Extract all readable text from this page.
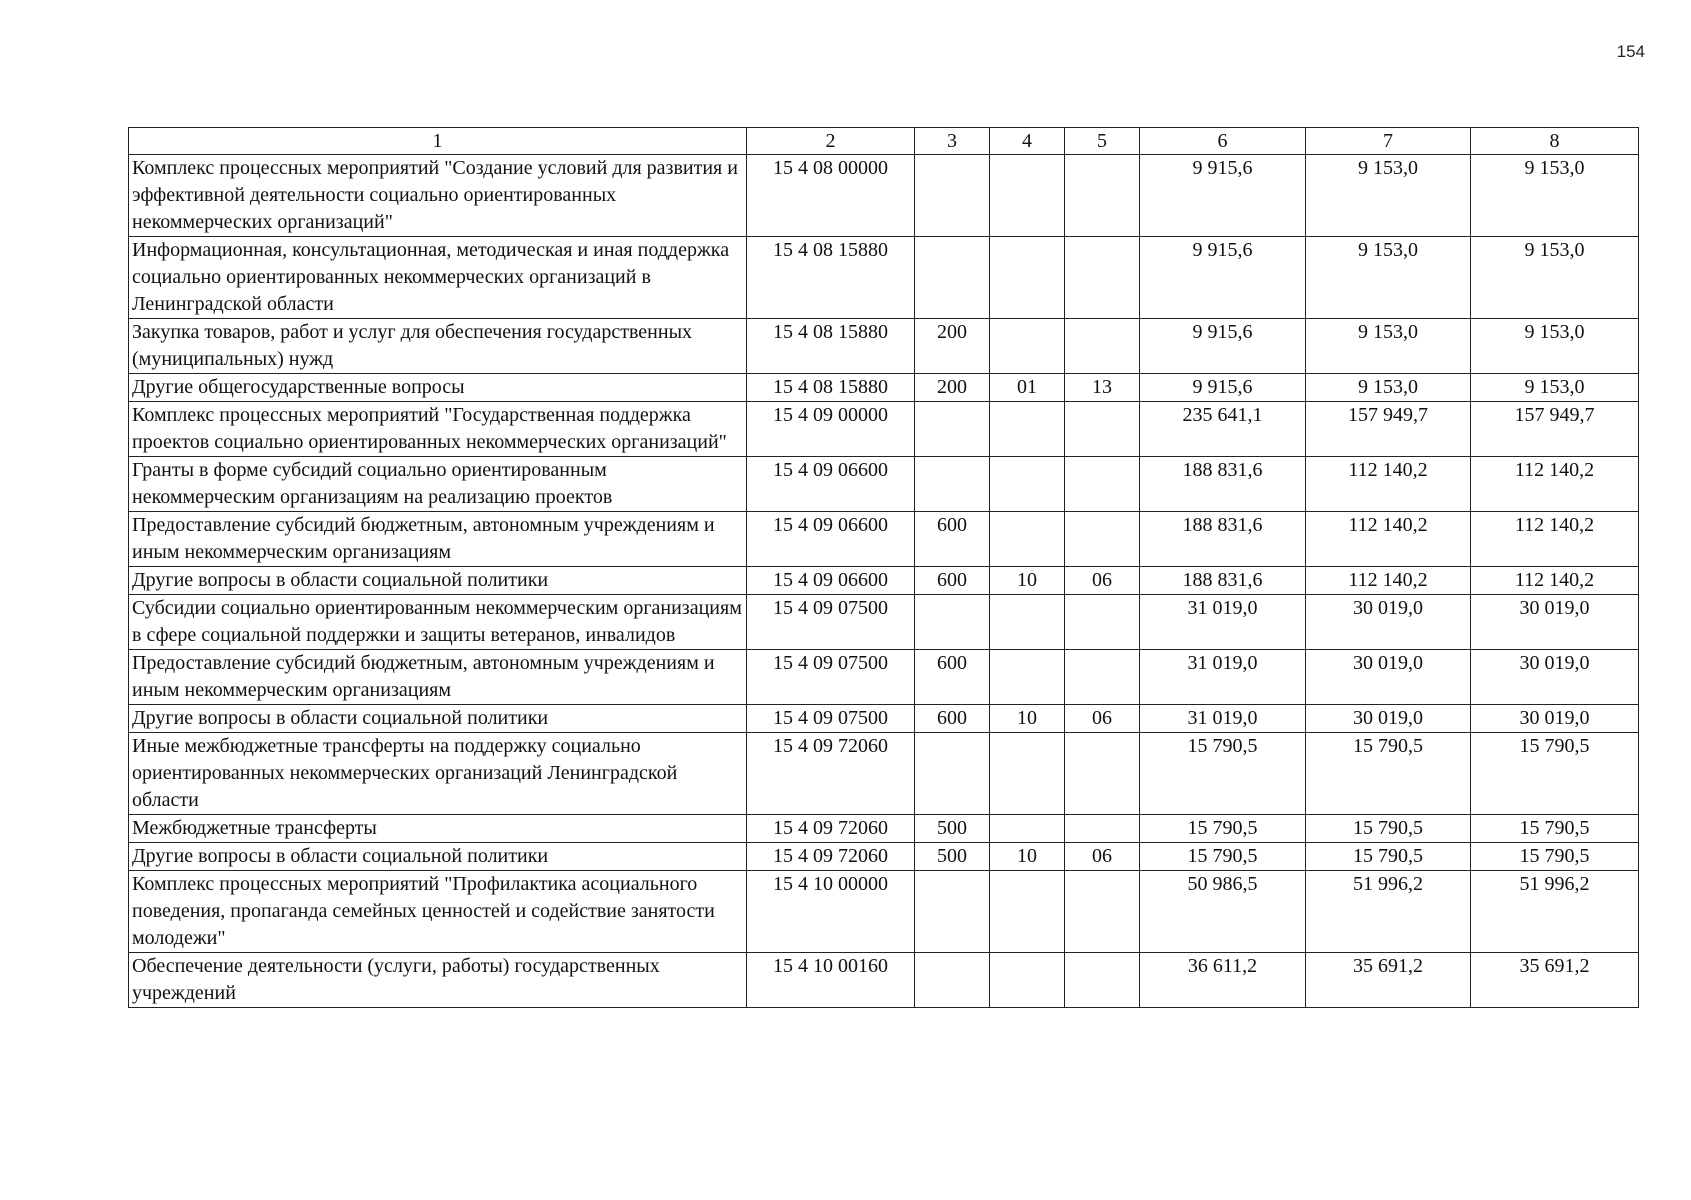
154
1	2	3	4	5	6	7	8
Комплекс процессных мероприятий "Создание условий для развития и эффективной деятельности социально ориентированных некоммерческих организаций"	15 4 08 00000				9 915,6	9 153,0	9 153,0
Информационная, консультационная, методическая и иная поддержка социально ориентированных некоммерческих организаций в Ленинградской области	15 4 08 15880				9 915,6	9 153,0	9 153,0
Закупка товаров, работ и услуг для обеспечения государственных (муниципальных) нужд	15 4 08 15880	200			9 915,6	9 153,0	9 153,0
Другие общегосударственные вопросы	15 4 08 15880	200	01	13	9 915,6	9 153,0	9 153,0
Комплекс процессных мероприятий "Государственная поддержка проектов социально ориентированных некоммерческих организаций"	15 4 09 00000				235 641,1	157 949,7	157 949,7
Гранты в форме субсидий социально ориентированным некоммерческим организациям на реализацию проектов	15 4 09 06600				188 831,6	112 140,2	112 140,2
Предоставление субсидий бюджетным, автономным учреждениям и иным некоммерческим организациям	15 4 09 06600	600			188 831,6	112 140,2	112 140,2
Другие вопросы в области социальной политики	15 4 09 06600	600	10	06	188 831,6	112 140,2	112 140,2
Субсидии социально ориентированным некоммерческим организациям в сфере социальной поддержки и защиты ветеранов, инвалидов	15 4 09 07500				31 019,0	30 019,0	30 019,0
Предоставление субсидий бюджетным, автономным учреждениям и иным некоммерческим организациям	15 4 09 07500	600			31 019,0	30 019,0	30 019,0
Другие вопросы в области социальной политики	15 4 09 07500	600	10	06	31 019,0	30 019,0	30 019,0
Иные межбюджетные трансферты на поддержку социально ориентированных некоммерческих организаций Ленинградской области	15 4 09 72060				15 790,5	15 790,5	15 790,5
Межбюджетные трансферты	15 4 09 72060	500			15 790,5	15 790,5	15 790,5
Другие вопросы в области социальной политики	15 4 09 72060	500	10	06	15 790,5	15 790,5	15 790,5
Комплекс процессных мероприятий "Профилактика асоциального поведения, пропаганда семейных ценностей и содействие занятости молодежи"	15 4 10 00000				50 986,5	51 996,2	51 996,2
Обеспечение деятельности (услуги, работы) государственных учреждений	15 4 10 00160				36 611,2	35 691,2	35 691,2
